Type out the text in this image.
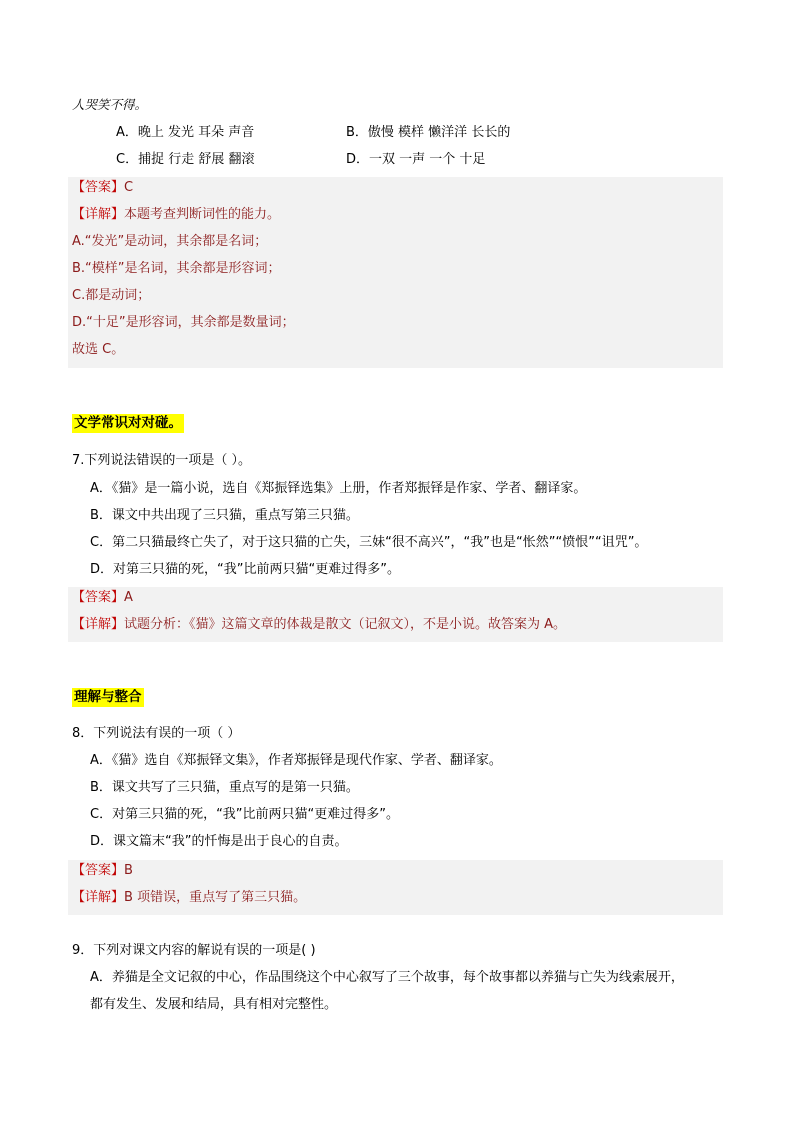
人哭笑不得。
A．晚上 发光 耳朵 声音	B．傲慢 模样 懒洋洋 长长的
C．捕捉 行走 舒展 翻滚	D．一双 一声 一个 十足
【答案】C
【详解】本题考查判断词性的能力。
A.“发光”是动词，其余都是名词；
B.“模样”是名词，其余都是形容词；
C.都是动词；
D.“十足”是形容词，其余都是数量词；
故选 C。
文学常识对对碰。
7.下列说法错误的一项是（ ）。
A．《猫》是一篇小说，选自《郑振铎选集》上册，作者郑振铎是作家、学者、翻译家。
B．课文中共出现了三只猫，重点写第三只猫。
C．第二只猫最终亡失了，对于这只猫的亡失，三妹“很不高兴”，“我”也是“怅然”“愤恨”“诅咒”。
D．对第三只猫的死，“我”比前两只猫“更难过得多”。
【答案】A
【详解】试题分析：《猫》这篇文章的体裁是散文（记叙文），不是小说。故答案为 A。
理解与整合
8．下列说法有误的一项（ ）
A．《猫》选自《郑振铎文集》，作者郑振铎是现代作家、学者、翻译家。
B．课文共写了三只猫，重点写的是第一只猫。
C．对第三只猫的死，“我”比前两只猫“更难过得多”。
D．课文篇末“我”的忏悔是出于良心的自责。
【答案】B
【详解】B 项错误，重点写了第三只猫。
9．下列对课文内容的解说有误的一项是( )
A．养猫是全文记叙的中心，作品围绕这个中心叙写了三个故事，每个故事都以养猫与亡失为线索展开，
都有发生、发展和结局，具有相对完整性。
